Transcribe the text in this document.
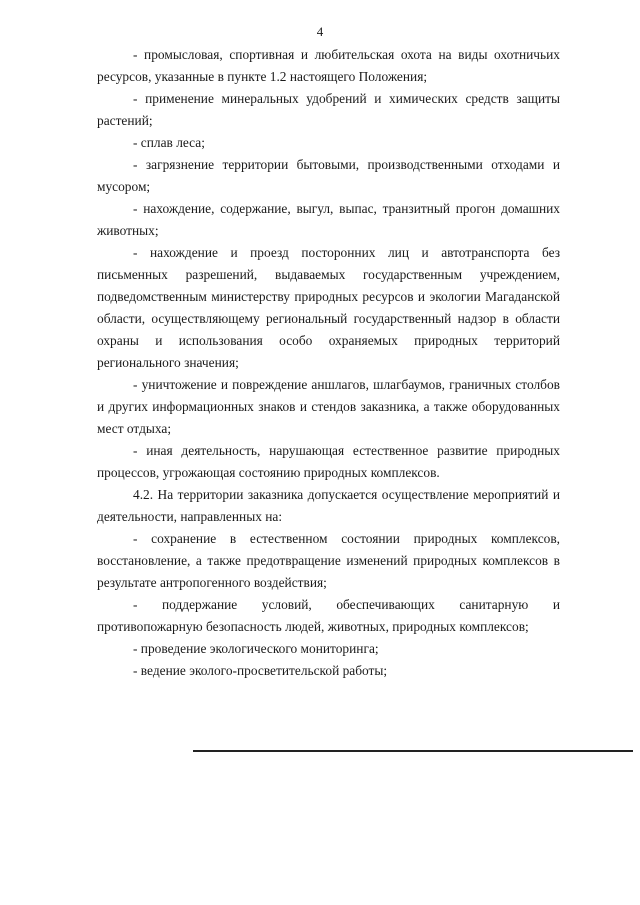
4

- промысловая, спортивная и любительская охота на виды охотничьих ресурсов, указанные в пункте 1.2 настоящего Положения;

- применение минеральных удобрений и химических средств защиты растений;

- сплав леса;

- загрязнение территории бытовыми, производственными отходами и мусором;

- нахождение, содержание, выгул, выпас, транзитный прогон домашних животных;

- нахождение и проезд посторонних лиц и автотранспорта без письменных разрешений, выдаваемых государственным учреждением, подведомственным министерству природных ресурсов и экологии Магаданской области, осуществляющему региональный государственный надзор в области охраны и использования особо охраняемых природных территорий регионального значения;

- уничтожение и повреждение аншлагов, шлагбаумов, граничных столбов и других информационных знаков и стендов заказника, а также оборудованных мест отдыха;

- иная деятельность, нарушающая естественное развитие природных процессов, угрожающая состоянию природных комплексов.

4.2. На территории заказника допускается осуществление мероприятий и деятельности, направленных на:

- сохранение в естественном состоянии природных комплексов, восстановление, а также предотвращение изменений природных комплексов в результате антропогенного воздействия;

- поддержание условий, обеспечивающих санитарную и противопожарную безопасность людей, животных, природных комплексов;

- проведение экологического мониторинга;

- ведение эколого-просветительской работы;
